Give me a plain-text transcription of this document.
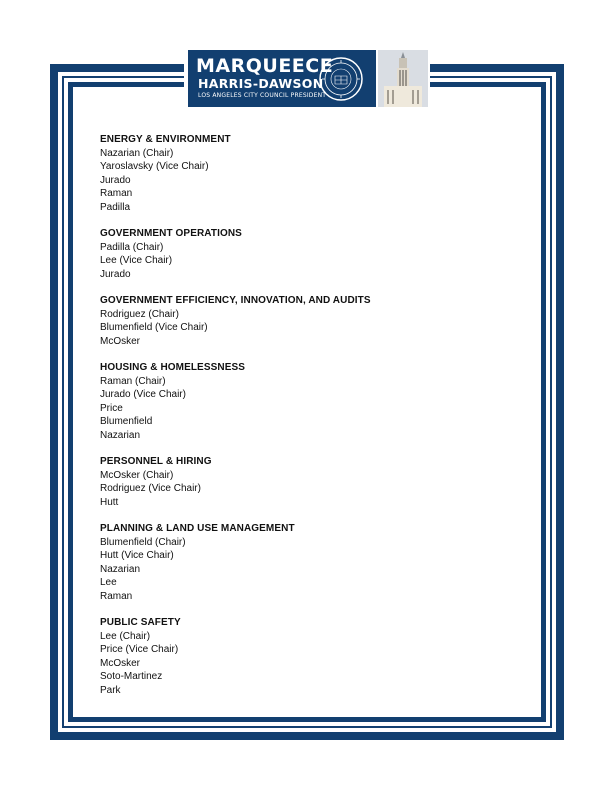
MARQUEECE
HARRIS-DAWSON
LOS ANGELES CITY COUNCIL PRESIDENT
ENERGY & ENVIRONMENT
Nazarian (Chair)
Yaroslavsky (Vice Chair)
Jurado
Raman
Padilla
GOVERNMENT OPERATIONS
Padilla (Chair)
Lee (Vice Chair)
Jurado
GOVERNMENT EFFICIENCY, INNOVATION, AND AUDITS
Rodriguez (Chair)
Blumenfield (Vice Chair)
McOsker
HOUSING & HOMELESSNESS
Raman (Chair)
Jurado (Vice Chair)
Price
Blumenfield
Nazarian
PERSONNEL & HIRING
McOsker (Chair)
Rodriguez (Vice Chair)
Hutt
PLANNING & LAND USE MANAGEMENT
Blumenfield (Chair)
Hutt (Vice Chair)
Nazarian
Lee
Raman
PUBLIC SAFETY
Lee (Chair)
Price (Vice Chair)
McOsker
Soto-Martinez
Park
